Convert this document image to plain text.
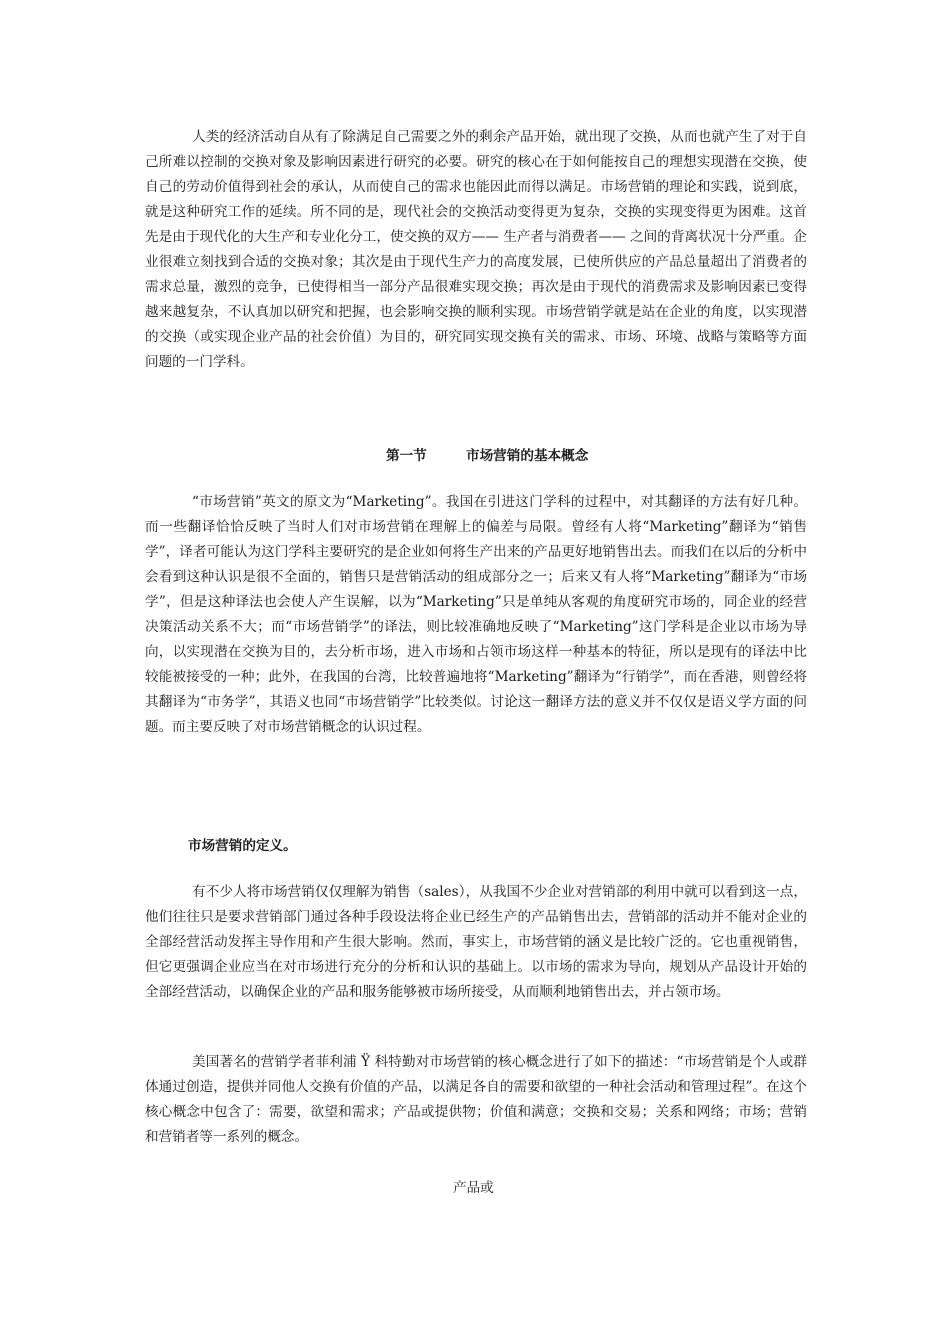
人类的经济活动自从有了除满足自己需要之外的剩余产品开始，就出现了交换，从而也就产生了对于自己所难以控制的交换对象及影响因素进行研究的必要。研究的核心在于如何能按自己的理想实现潜在交换，使自己的劳动价值得到社会的承认，从而使自己的需求也能因此而得以满足。市场营销的理论和实践，说到底，就是这种研究工作的延续。所不同的是，现代社会的交换活动变得更为复杂，交换的实现变得更为困难。这首先是由于现代化的大生产和专业化分工，使交换的双方—— 生产者与消费者—— 之间的背离状况十分严重。企业很难立刻找到合适的交换对象；其次是由于现代生产力的高度发展，已使所供应的产品总量超出了消费者的需求总量，激烈的竞争，已使得相当一部分产品很难实现交换；再次是由于现代的消费需求及影响因素已变得越来越复杂，不认真加以研究和把握，也会影响交换的顺利实现。市场营销学就是站在企业的角度，以实现潜的交换（或实现企业产品的社会价值）为目的，研究同实现交换有关的需求、市场、环境、战略与策略等方面问题的一门学科。

第一节	市场营销的基本概念

“市场营销”英文的原文为“Marketing”。我国在引进这门学科的过程中，对其翻译的方法有好几种。而一些翻译恰恰反映了当时人们对市场营销在理解上的偏差与局限。曾经有人将“Marketing”翻译为“销售学”，译者可能认为这门学科主要研究的是企业如何将生产出来的产品更好地销售出去。而我们在以后的分析中会看到这种认识是很不全面的，销售只是营销活动的组成部分之一；后来又有人将“Marketing”翻译为“市场学”，但是这种译法也会使人产生误解，以为“Marketing”只是单纯从客观的角度研究市场的，同企业的经营决策活动关系不大；而“市场营销学”的译法，则比较准确地反映了“Marketing”这门学科是企业以市场为导向，以实现潜在交换为目的，去分析市场，进入市场和占领市场这样一种基本的特征，所以是现有的译法中比较能被接受的一种；此外，在我国的台湾，比较普遍地将“Marketing”翻译为“行销学”，而在香港，则曾经将其翻译为“市务学”，其语义也同“市场营销学”比较类似。讨论这一翻译方法的意义并不仅仅是语义学方面的问题。而主要反映了对市场营销概念的认识过程。

市场营销的定义。

有不少人将市场营销仅仅理解为销售（sales），从我国不少企业对营销部的利用中就可以看到这一点，他们往往只是要求营销部门通过各种手段设法将企业已经生产的产品销售出去，营销部的活动并不能对企业的全部经营活动发挥主导作用和产生很大影响。然而，事实上，市场营销的涵义是比较广泛的。它也重视销售，但它更强调企业应当在对市场进行充分的分析和认识的基础上。以市场的需求为导向，规划从产品设计开始的全部经营活动，以确保企业的产品和服务能够被市场所接受，从而顺利地销售出去，并占领市场。

美国著名的营销学者菲利浦 Ÿ 科特勤对市场营销的核心概念进行了如下的描述：“市场营销是个人或群体通过创造，提供并同他人交换有价值的产品，以满足各自的需要和欲望的一种社会活动和管理过程”。在这个核心概念中包含了：需要，欲望和需求；产品或提供物；价值和满意；交换和交易；关系和网络；市场；营销和营销者等一系列的概念。

产品或
